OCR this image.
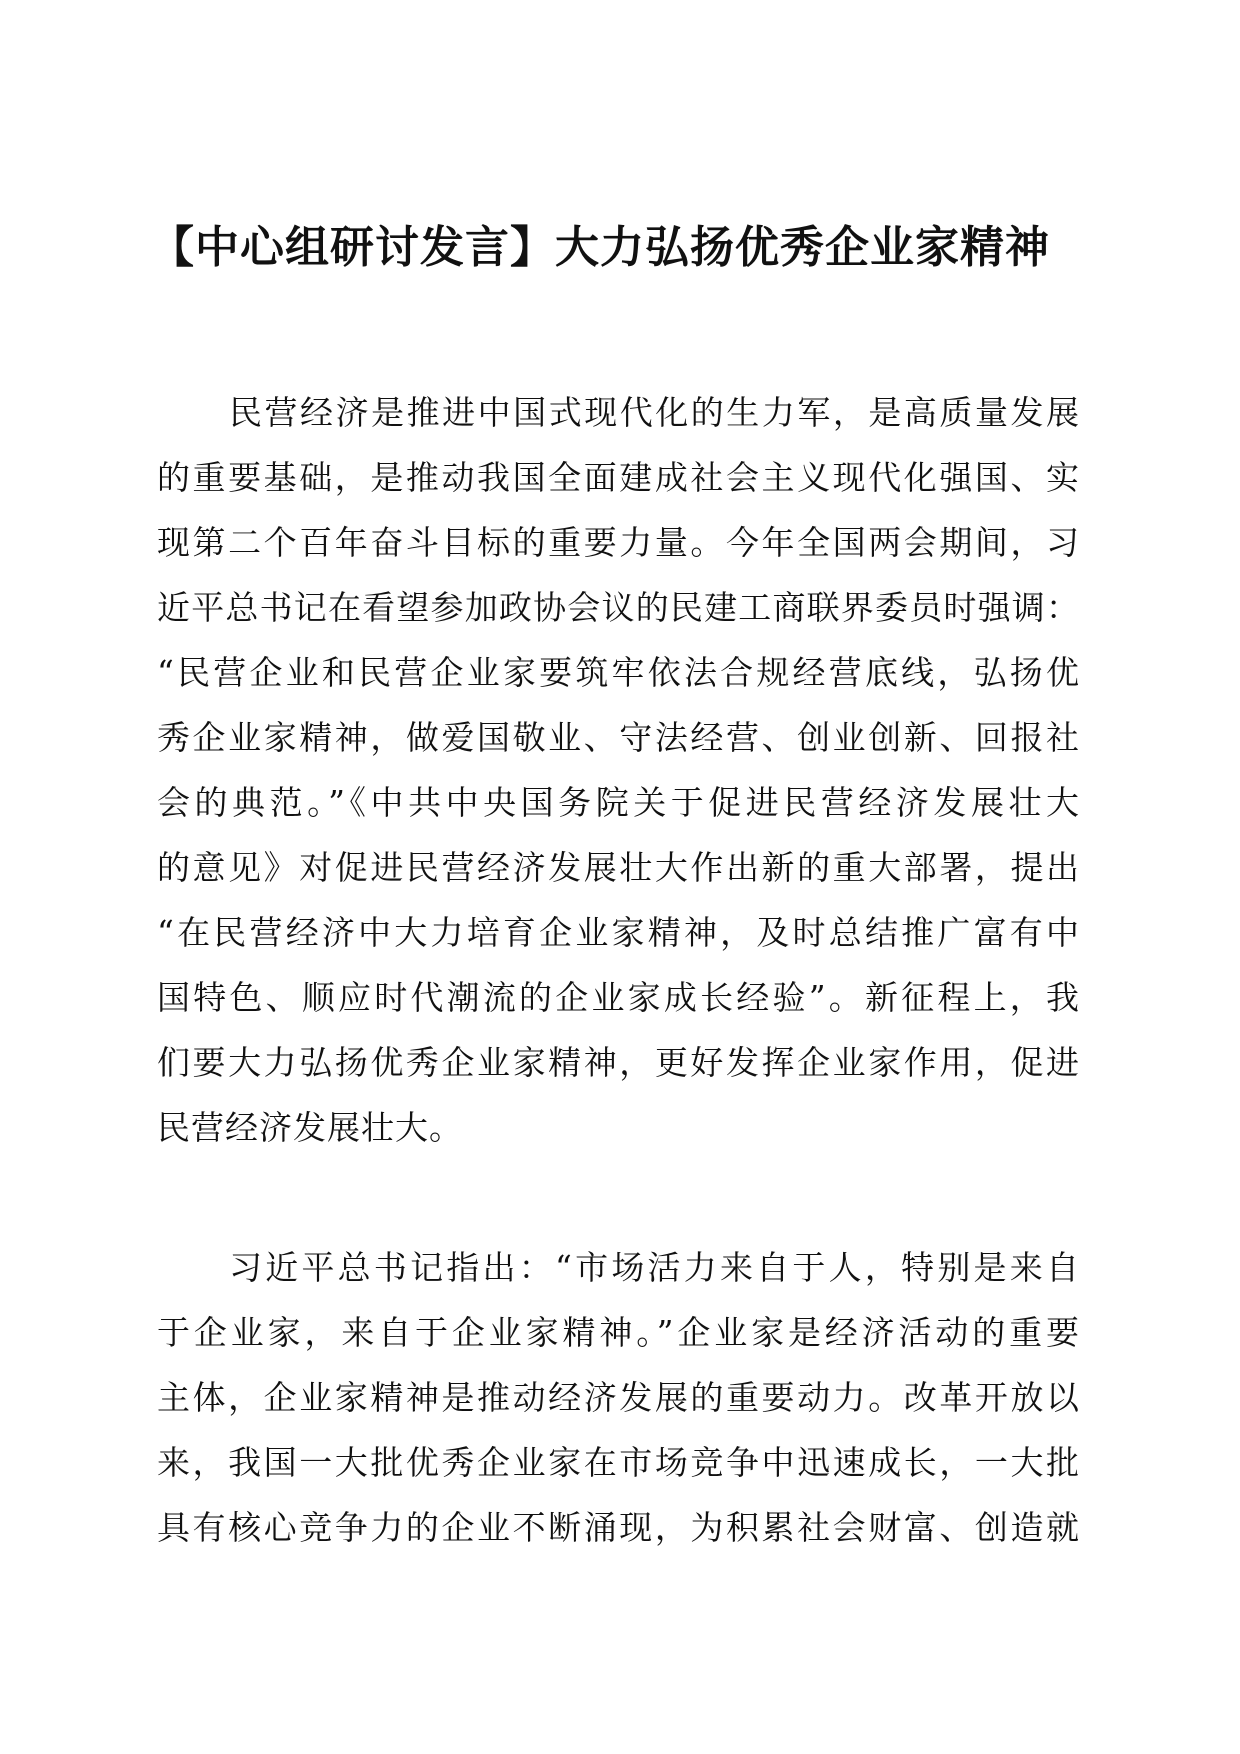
【中心组研讨发言】大力弘扬优秀企业家精神
民营经济是推进中国式现代化的生力军，是高质量发展
的重要基础，是推动我国全面建成社会主义现代化强国、实
现第二个百年奋斗目标的重要力量。今年全国两会期间，习
近平总书记在看望参加政协会议的民建工商联界委员时强调：
“民营企业和民营企业家要筑牢依法合规经营底线，弘扬优
秀企业家精神，做爱国敬业、守法经营、创业创新、回报社
会的典范。”《中共中央国务院关于促进民营经济发展壮大
的意见》对促进民营经济发展壮大作出新的重大部署，提出
“在民营经济中大力培育企业家精神，及时总结推广富有中
国特色、顺应时代潮流的企业家成长经验”。新征程上，我
们要大力弘扬优秀企业家精神，更好发挥企业家作用，促进
民营经济发展壮大。
习近平总书记指出：“市场活力来自于人，特别是来自
于企业家，来自于企业家精神。”企业家是经济活动的重要
主体，企业家精神是推动经济发展的重要动力。改革开放以
来，我国一大批优秀企业家在市场竞争中迅速成长，一大批
具有核心竞争力的企业不断涌现，为积累社会财富、创造就
